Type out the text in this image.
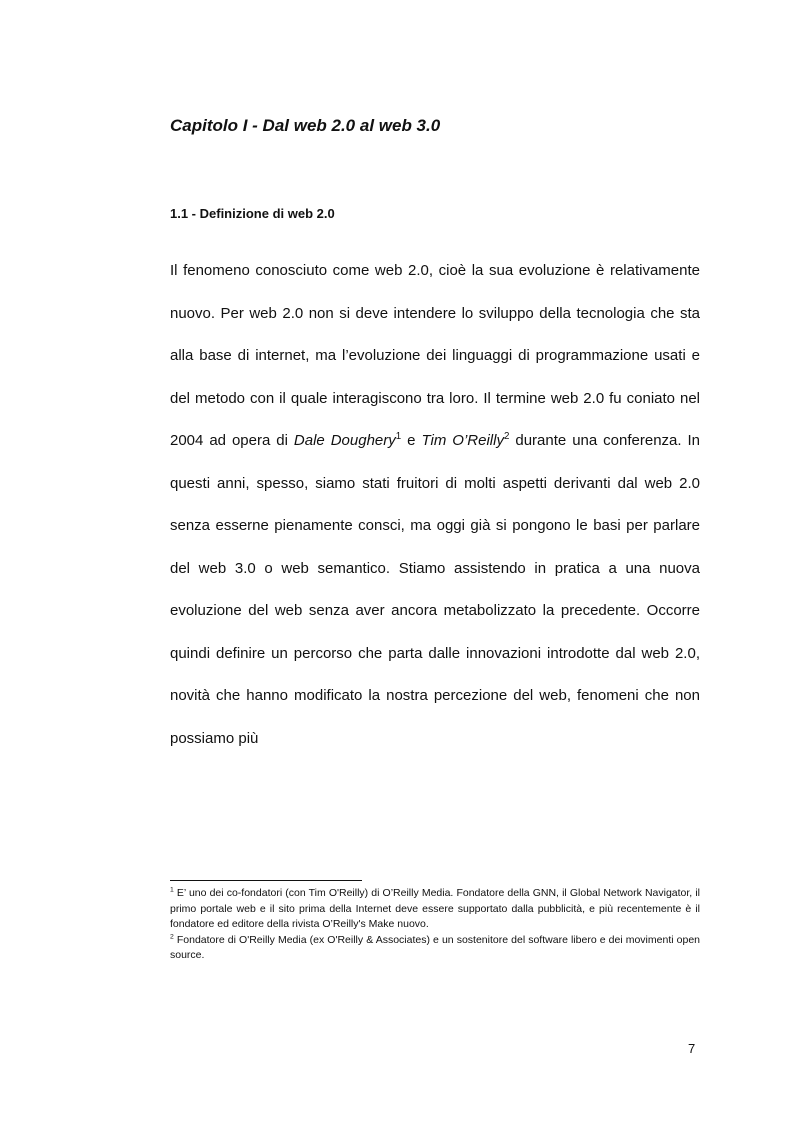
Capitolo I - Dal web 2.0 al web 3.0
1.1 - Definizione di web 2.0

Il fenomeno conosciuto come web 2.0, cioè la sua evoluzione è relativamente nuovo. Per web 2.0 non si deve intendere lo sviluppo della tecnologia che sta alla base di internet, ma l’evoluzione dei linguaggi di programmazione usati e del metodo con il quale interagiscono tra loro. Il termine web 2.0 fu coniato nel 2004 ad opera di Dale Doughery$^1$ e Tim O’Reilly$^2$ durante una conferenza. In questi anni, spesso, siamo stati fruitori di molti aspetti derivanti dal web 2.0 senza esserne pienamente consci, ma oggi già si pongono le basi per parlare del web 3.0 o web semantico. Stiamo assistendo in pratica a una nuova evoluzione del web senza aver ancora metabolizzato la precedente. Occorre quindi definire un percorso che parta dalle innovazioni introdotte dal web 2.0, novità che hanno modificato la nostra percezione del web, fenomeni che non possiamo più

$^1$ E’ uno dei co-fondatori (con Tim O'Reilly) di O’Reilly Media. Fondatore della GNN, il Global Network Navigator, il primo portale web e il sito prima della Internet deve essere supportato dalla pubblicità, e più recentemente è il fondatore ed editore della rivista O’Reilly's Make nuovo.

$^2$ Fondatore di O'Reilly Media (ex O'Reilly & Associates) e un sostenitore del software libero e dei movimenti open source.

7
